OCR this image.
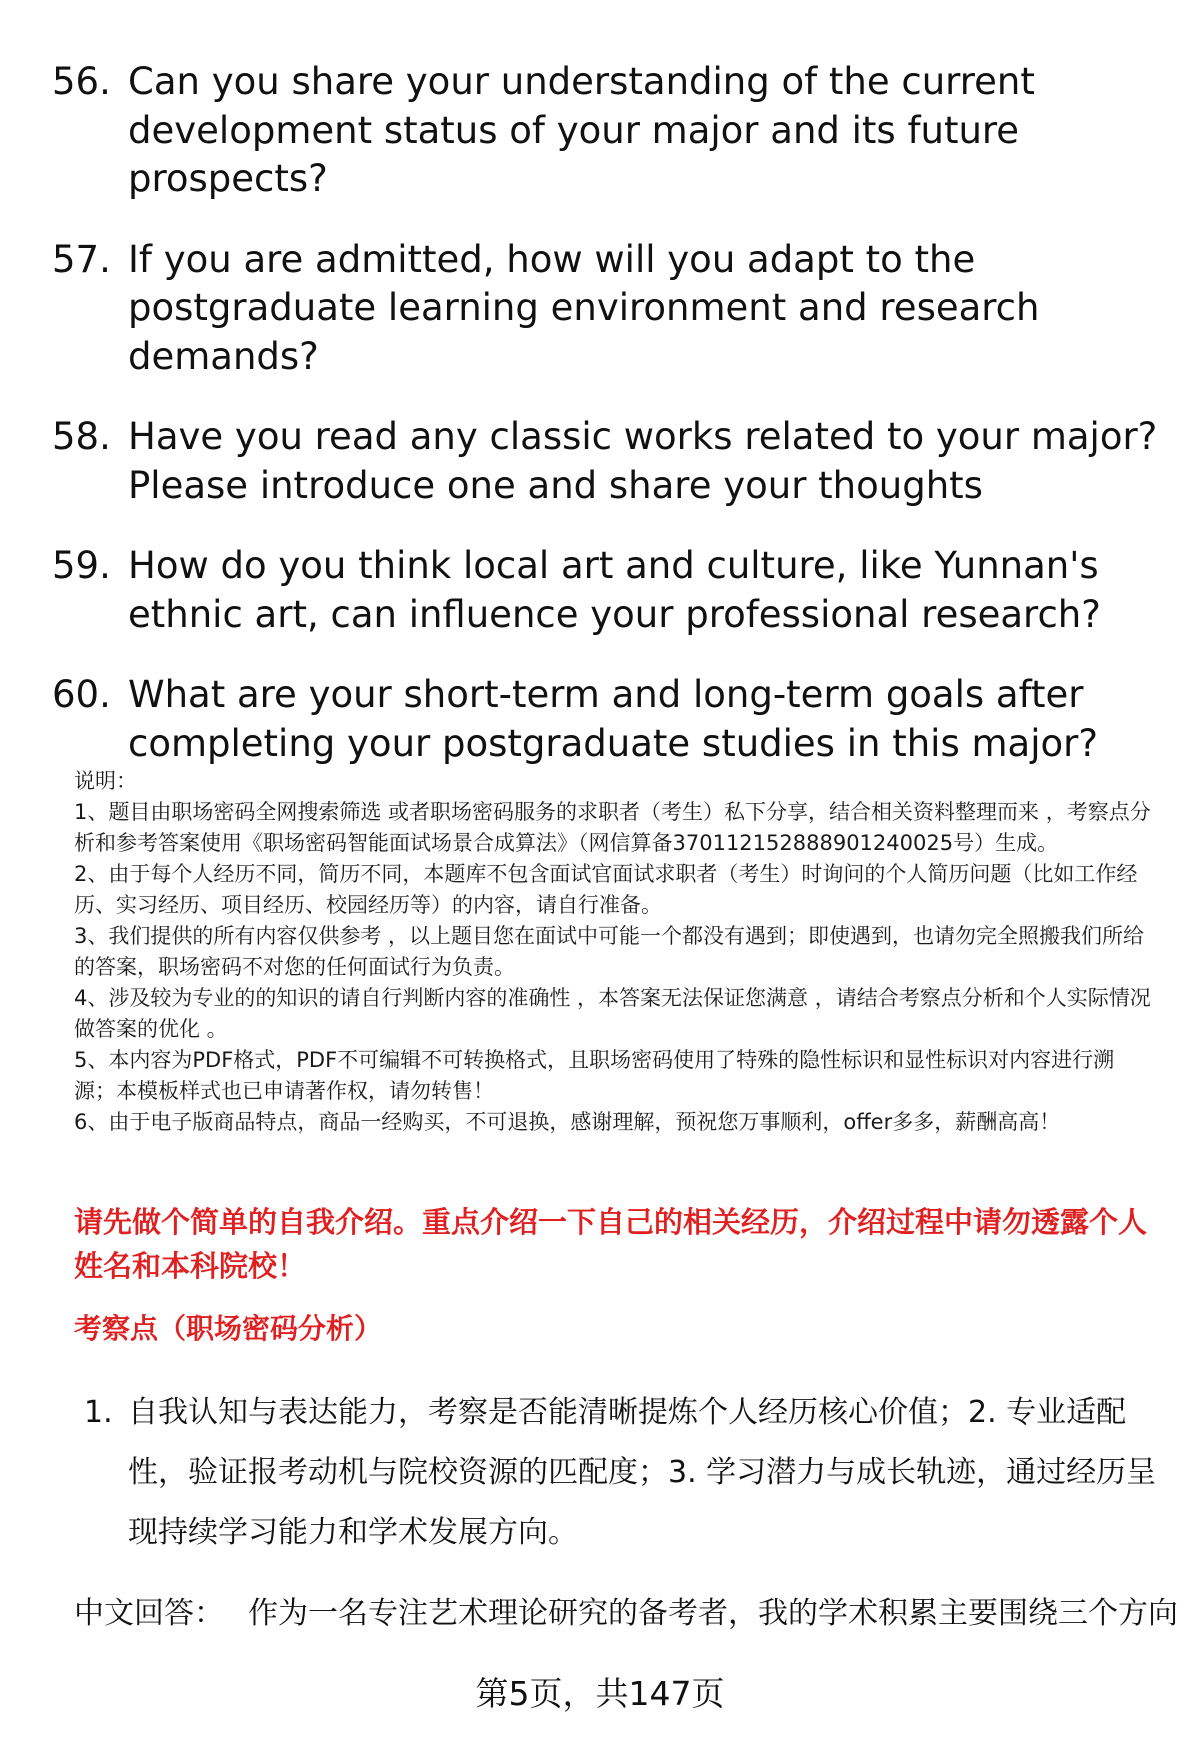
56. Can you share your understanding of the current development status of your major and its future prospects?
57. If you are admitted, how will you adapt to the postgraduate learning environment and research demands?
58. Have you read any classic works related to your major? Please introduce one and share your thoughts
59. How do you think local art and culture, like Yunnan's ethnic art, can influence your professional research?
60. What are your short-term and long-term goals after completing your postgraduate studies in this major?

说明：

1、题目由职场密码全网搜索筛选 或者职场密码服务的求职者（考生）私下分享，结合相关资料整理而来 ，考察点分析和参考答案使用《职场密码智能面试场景合成算法》（网信算备370112152888901240025号）生成。

2、由于每个人经历不同，简历不同，本题库不包含面试官面试求职者（考生）时询问的个人简历问题（比如工作经历、实习经历、项目经历、校园经历等）的内容，请自行准备。

3、我们提供的所有内容仅供参考 ，以上题目您在面试中可能一个都没有遇到；即使遇到，也请勿完全照搬我们所给的答案，职场密码不对您的任何面试行为负责。

4、涉及较为专业的的知识的请自行判断内容的准确性 ，本答案无法保证您满意 ，请结合考察点分析和个人实际情况做答案的优化 。

5、本内容为PDF格式，PDF不可编辑不可转换格式，且职场密码使用了特殊的隐性标识和显性标识对内容进行溯源；本模板样式也已申请著作权，请勿转售！

6、由于电子版商品特点，商品一经购买，不可退换，感谢理解，预祝您万事顺利，offer多多，薪酬高高！

请先做个简单的自我介绍。重点介绍一下自己的相关经历，介绍过程中请勿透露个人姓名和本科院校！
考察点（职场密码分析）
1. 自我认知与表达能力，考察是否能清晰提炼个人经历核心价值；2. 专业适配性，验证报考动机与院校资源的匹配度；3. 学习潜力与成长轨迹，通过经历呈现持续学习能力和学术发展方向。
中文回答： 作为一名专注艺术理论研究的备考者，我的学术积累主要围绕三个方向
第5页，共147页
